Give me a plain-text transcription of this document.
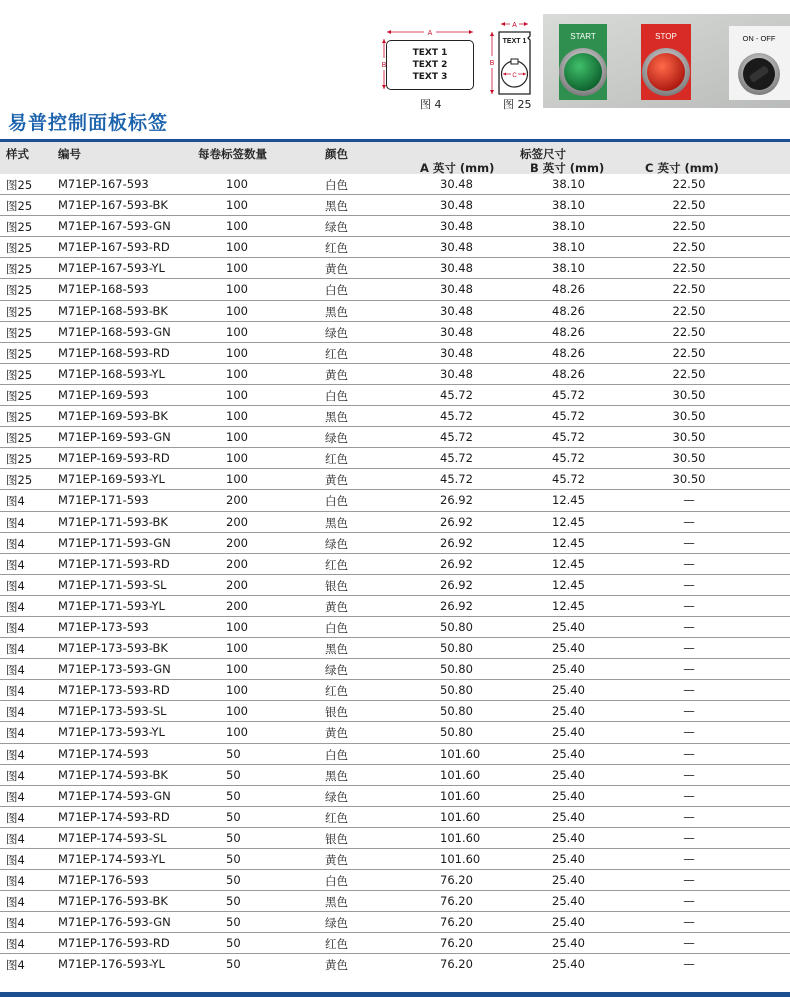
A
B
TEXT 1
TEXT 2
TEXT 3
图 4
A
B
TEXT 1
C
图 25
START	STOP	ON - OFF
易普控制面板标签
样式	编号	每卷标签数量	颜色	标签尺寸
A 英寸 (mm)	B 英寸 (mm)	C 英寸 (mm)
图25 M71EP-167-593	100	白色	30.48	38.10	22.50
图25 M71EP-167-593-BK	100	黑色	30.48	38.10	22.50
图25 M71EP-167-593-GN	100	绿色	30.48	38.10	22.50
图25 M71EP-167-593-RD	100	红色	30.48	38.10	22.50
图25 M71EP-167-593-YL	100	黄色	30.48	38.10	22.50
图25 M71EP-168-593	100	白色	30.48	48.26	22.50
图25 M71EP-168-593-BK	100	黑色	30.48	48.26	22.50
图25 M71EP-168-593-GN	100	绿色	30.48	48.26	22.50
图25 M71EP-168-593-RD	100	红色	30.48	48.26	22.50
图25 M71EP-168-593-YL	100	黄色	30.48	48.26	22.50
图25 M71EP-169-593	100	白色	45.72	45.72	30.50
图25 M71EP-169-593-BK	100	黑色	45.72	45.72	30.50
图25 M71EP-169-593-GN	100	绿色	45.72	45.72	30.50
图25 M71EP-169-593-RD	100	红色	45.72	45.72	30.50
图25 M71EP-169-593-YL	100	黄色	45.72	45.72	30.50
图4	M71EP-171-593	200	白色	26.92	12.45	—
图4	M71EP-171-593-BK	200	黑色	26.92	12.45	—
图4	M71EP-171-593-GN	200	绿色	26.92	12.45	—
图4	M71EP-171-593-RD	200	红色	26.92	12.45	—
图4	M71EP-171-593-SL	200	银色	26.92	12.45	—
图4	M71EP-171-593-YL	200	黄色	26.92	12.45	—
图4	M71EP-173-593	100	白色	50.80	25.40	—
图4	M71EP-173-593-BK	100	黑色	50.80	25.40	—
图4	M71EP-173-593-GN	100	绿色	50.80	25.40	—
图4	M71EP-173-593-RD	100	红色	50.80	25.40	—
图4	M71EP-173-593-SL	100	银色	50.80	25.40	—
图4	M71EP-173-593-YL	100	黄色	50.80	25.40	—
图4	M71EP-174-593	50	白色	101.60	25.40	—
图4	M71EP-174-593-BK	50	黑色	101.60	25.40	—
图4	M71EP-174-593-GN	50	绿色	101.60	25.40	—
图4	M71EP-174-593-RD	50	红色	101.60	25.40	—
图4	M71EP-174-593-SL	50	银色	101.60	25.40	—
图4	M71EP-174-593-YL	50	黄色	101.60	25.40	—
图4	M71EP-176-593	50	白色	76.20	25.40	—
图4	M71EP-176-593-BK	50	黑色	76.20	25.40	—
图4	M71EP-176-593-GN	50	绿色	76.20	25.40	—
图4	M71EP-176-593-RD	50	红色	76.20	25.40	—
图4	M71EP-176-593-YL	50	黄色	76.20	25.40	—
